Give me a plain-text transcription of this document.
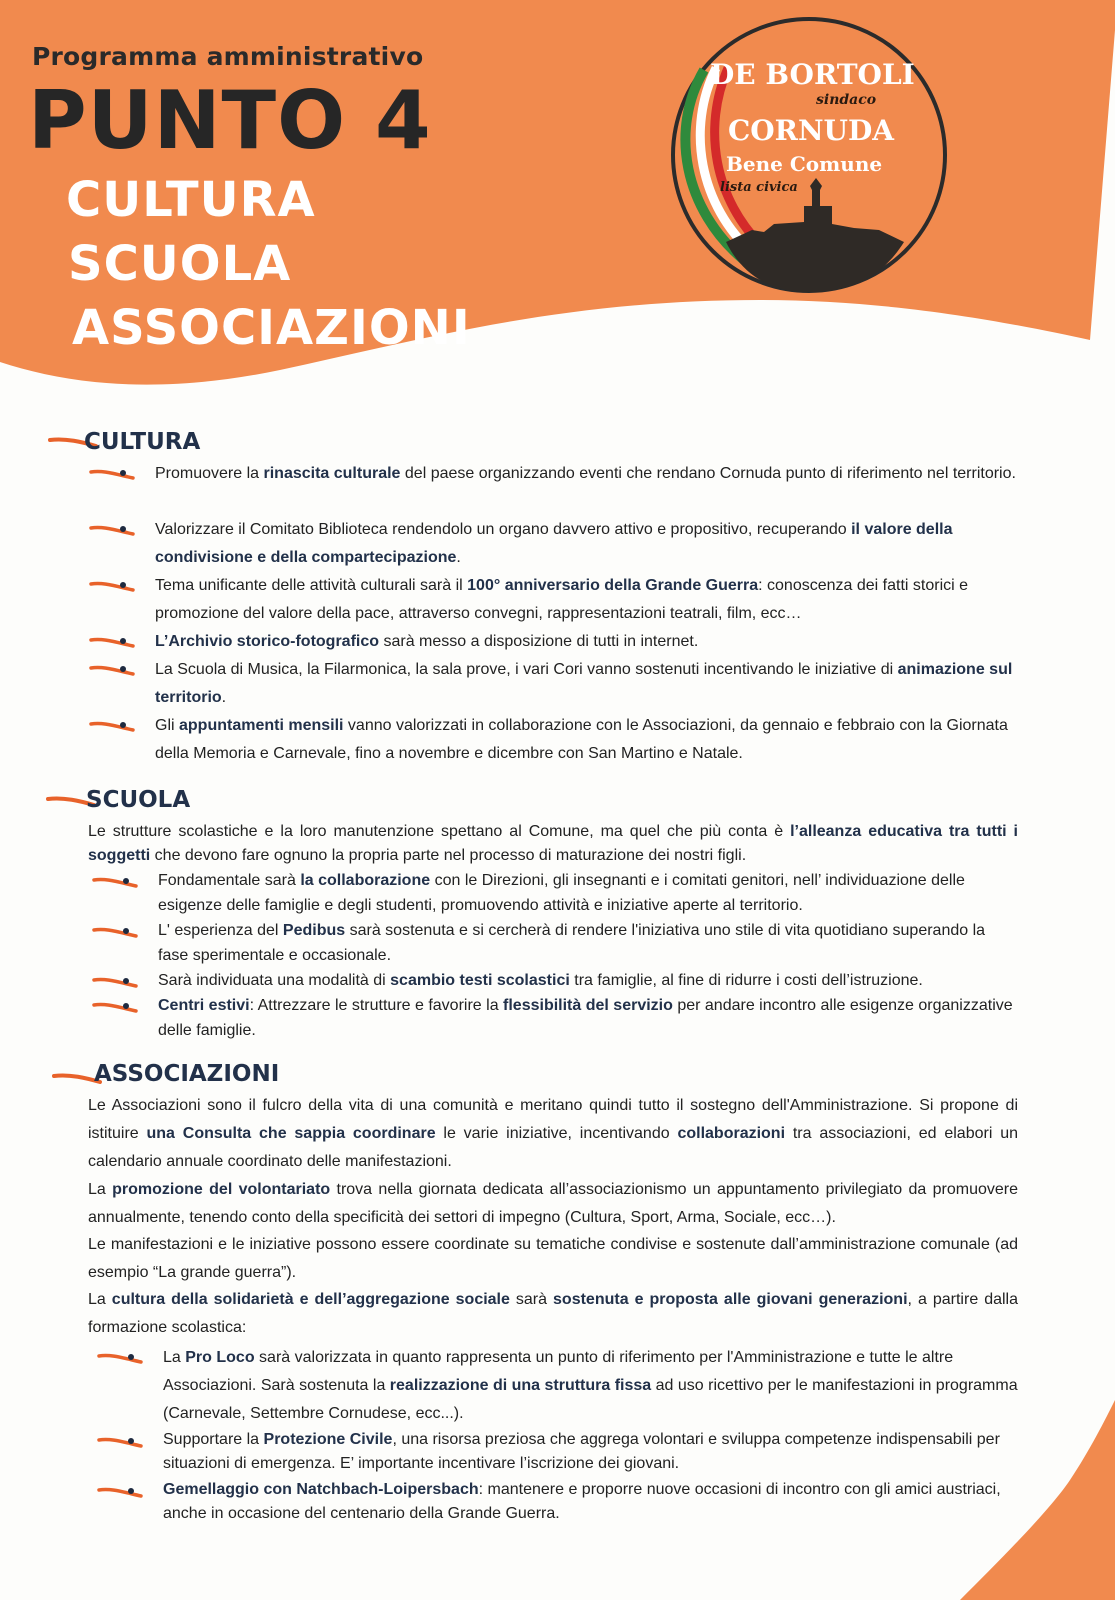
Programma amministrativo
PUNTO 4
CULTURA
SCUOLA
ASSOCIAZIONI
DE BORTOLI
sindaco
CORNUDA
Bene Comune
lista civica
CULTURA
Promuovere la rinascita culturale del paese organizzando eventi che rendano Cornuda punto di riferimento nel territorio.
Valorizzare il Comitato Biblioteca rendendolo un organo davvero attivo e propositivo, recuperando il valore della condivisione e della compartecipazione.
Tema unificante delle attività culturali sarà il 100° anniversario della Grande Guerra: conoscenza dei fatti storici e promozione del valore della pace, attraverso convegni, rappresentazioni teatrali, film, ecc…
L’Archivio storico-fotografico sarà messo a disposizione di tutti in internet.
La Scuola di Musica, la Filarmonica, la sala prove, i vari Cori vanno sostenuti incentivando le iniziative di animazione sul territorio.
Gli appuntamenti mensili vanno valorizzati in collaborazione con le Associazioni, da gennaio e febbraio con la Giornata della Memoria e Carnevale, fino a novembre e dicembre con San Martino e Natale.
SCUOLA
Le strutture scolastiche e la loro manutenzione spettano al Comune, ma quel che più conta è l’alleanza educativa tra tutti i soggetti che devono fare ognuno la propria parte nel processo di maturazione dei nostri figli.
Fondamentale sarà la collaborazione con le Direzioni, gli insegnanti e i comitati genitori, nell’ individuazione delle esigenze delle famiglie e degli studenti, promuovendo attività e iniziative aperte al territorio.
L' esperienza del Pedibus sarà sostenuta e si cercherà di rendere l'iniziativa uno stile di vita quotidiano superando la fase sperimentale e occasionale.
Sarà individuata una modalità di scambio testi scolastici tra famiglie, al fine di ridurre i costi dell’istruzione.
Centri estivi: Attrezzare le strutture e favorire la flessibilità del servizio per andare incontro alle esigenze organizzative delle famiglie.
ASSOCIAZIONI
Le Associazioni sono il fulcro della vita di una comunità e meritano quindi tutto il sostegno dell'Amministrazione. Si propone di istituire una Consulta che sappia coordinare le varie iniziative, incentivando collaborazioni tra associazioni, ed elabori un calendario annuale coordinato delle manifestazioni.
La promozione del volontariato trova nella giornata dedicata all’associazionismo un appuntamento privilegiato da promuovere annualmente, tenendo conto della specificità dei settori di impegno (Cultura, Sport, Arma, Sociale, ecc…).
Le manifestazioni e le iniziative possono essere coordinate su tematiche condivise e sostenute dall’amministrazione comunale (ad esempio “La grande guerra”).
La cultura della solidarietà e dell’aggregazione sociale sarà sostenuta e proposta alle giovani generazioni, a partire dalla formazione scolastica:
La Pro Loco sarà valorizzata in quanto rappresenta un punto di riferimento per l'Amministrazione e tutte le altre Associazioni. Sarà sostenuta la realizzazione di una struttura fissa ad uso ricettivo per le manifestazioni in programma (Carnevale, Settembre Cornudese, ecc...).
Supportare la Protezione Civile, una risorsa preziosa che aggrega volontari e sviluppa competenze indispensabili per situazioni di emergenza. E’ importante incentivare l’iscrizione dei giovani.
Gemellaggio con Natchbach-Loipersbach: mantenere e proporre nuove occasioni di incontro con gli amici austriaci, anche in occasione del centenario della Grande Guerra.
